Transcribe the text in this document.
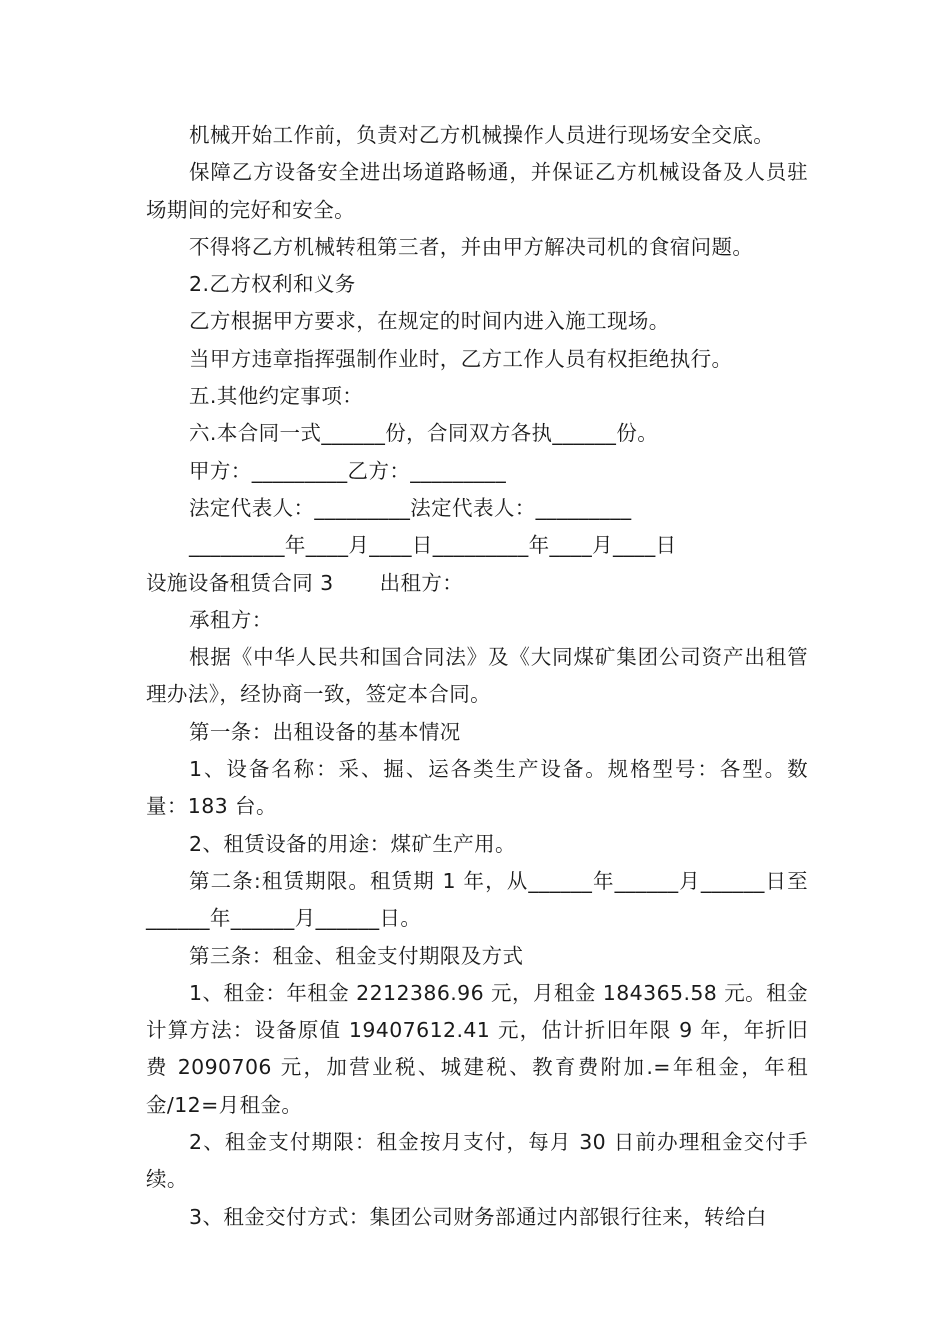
机械开始工作前，负责对乙方机械操作人员进行现场安全交底。

保障乙方设备安全进出场道路畅通，并保证乙方机械设备及人员驻场期间的完好和安全。

不得将乙方机械转租第三者，并由甲方解决司机的食宿问题。

2.乙方权利和义务

乙方根据甲方要求，在规定的时间内进入施工现场。

当甲方违章指挥强制作业时，乙方工作人员有权拒绝执行。

五.其他约定事项：

六.本合同一式______份，合同双方各执______份。

甲方：_________乙方：_________

法定代表人：_________法定代表人：_________

_________年____月____日_________年____月____日

设施设备租赁合同 3 出租方：

承租方：

根据《中华人民共和国合同法》及《大同煤矿集团公司资产出租管理办法》，经协商一致，签定本合同。

第一条：出租设备的基本情况

1、设备名称：采、掘、运各类生产设备。规格型号：各型。数量：183 台。

2、租赁设备的用途：煤矿生产用。

第二条:租赁期限。租赁期 1 年，从______年______月______日至______年______月______日。

第三条：租金、租金支付期限及方式

1、租金：年租金 2212386.96 元，月租金 184365.58 元。租金计算方法：设备原值 19407612.41 元，估计折旧年限 9 年，年折旧费 2090706 元，加营业税、城建税、教育费附加.=年租金，年租金/12=月租金。

2、租金支付期限：租金按月支付，每月 30 日前办理租金交付手续。

3、租金交付方式：集团公司财务部通过内部银行往来，转给白
